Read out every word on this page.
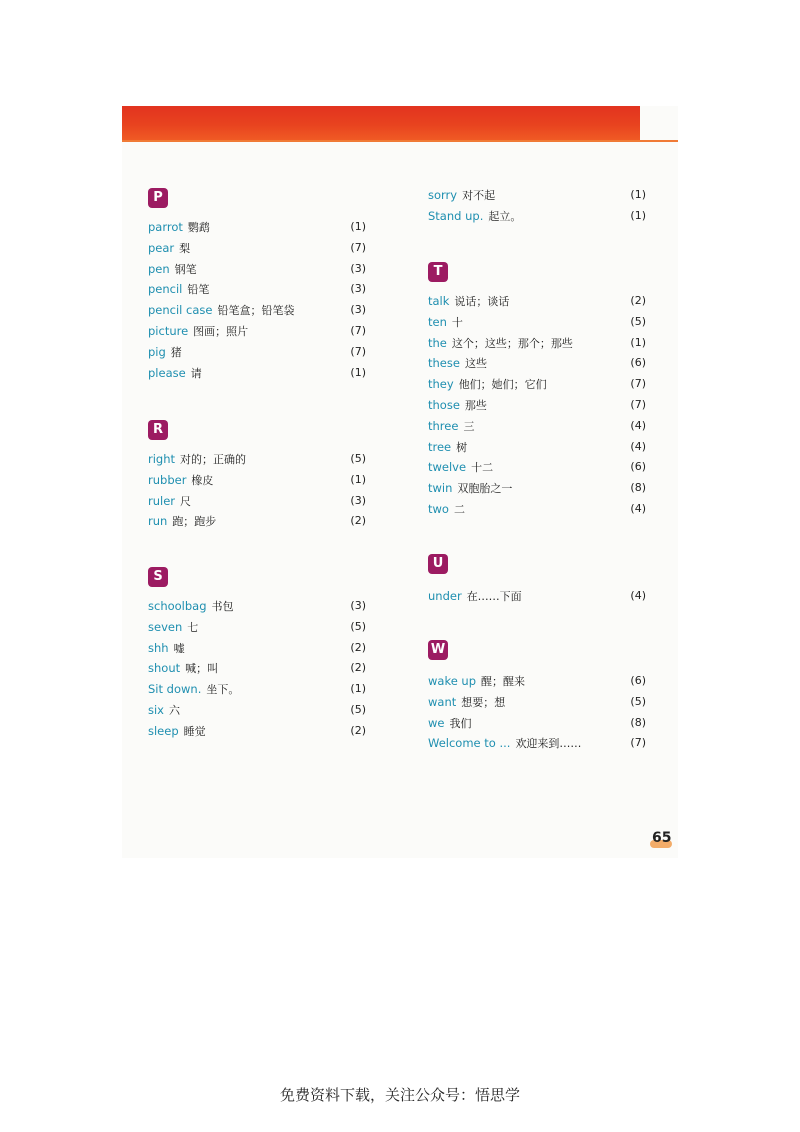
P
parrot 鹦鹉	(1)
pear 梨	(7)
pen 钢笔	(3)
pencil 铅笔	(3)
pencil case 铅笔盒；铅笔袋	(3)
picture 图画；照片	(7)
pig 猪	(7)
please 请	(1)
R
right 对的；正确的	(5)
rubber 橡皮	(1)
ruler 尺	(3)
run 跑；跑步	(2)
S
schoolbag 书包	(3)
seven 七	(5)
shh 嘘	(2)
shout 喊；叫	(2)
Sit down. 坐下。	(1)
six 六	(5)
sleep 睡觉	(2)
sorry 对不起	(1)
Stand up. 起立。	(1)
T
talk 说话；谈话	(2)
ten 十	(5)
the 这个；这些；那个；那些	(1)
these 这些	(6)
they 他们；她们；它们	(7)
those 那些	(7)
three 三	(4)
tree 树	(4)
twelve 十二	(6)
twin 双胞胎之一	(8)
two 二	(4)
U
under 在……下面	(4)
W
wake up 醒；醒来	(6)
want 想要；想	(5)
we 我们	(8)
Welcome to ... 欢迎来到……	(7)
65
免费资料下载，关注公众号：悟思学
